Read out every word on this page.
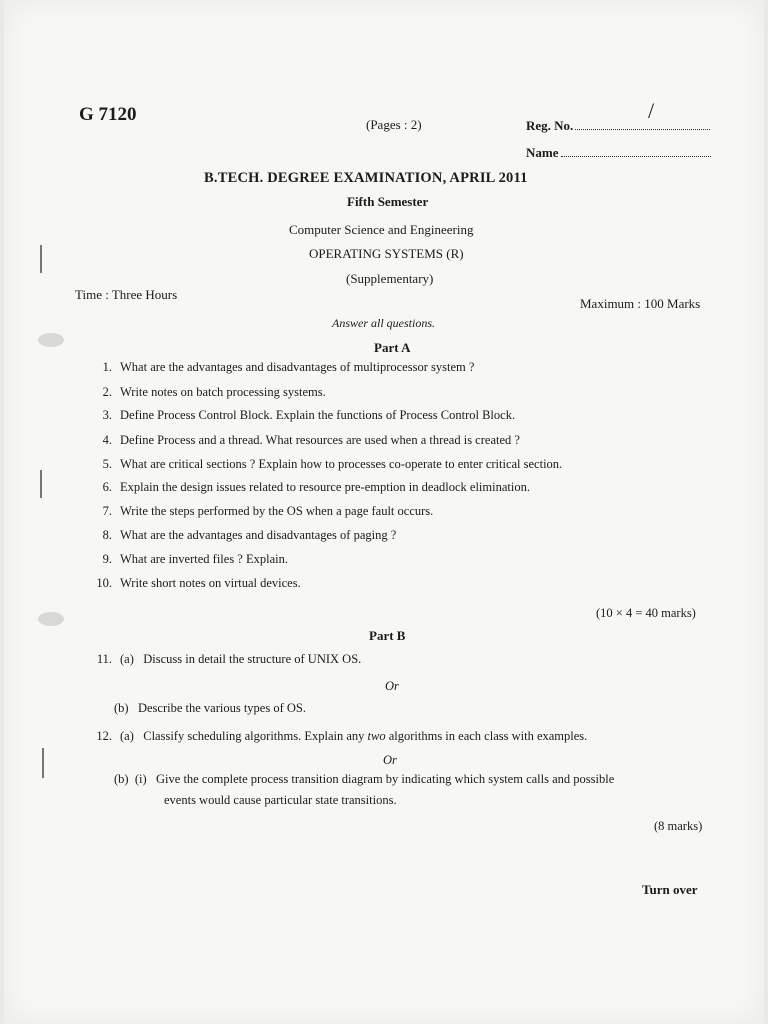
G 7120	(Pages : 2)	Reg. No.
Name
/
B.TECH. DEGREE EXAMINATION, APRIL 2011
Fifth Semester
Computer Science and Engineering
OPERATING SYSTEMS (R)
(Supplementary)
Time : Three Hours
Maximum : 100 Marks
Answer all questions.
Part A
1. What are the advantages and disadvantages of multiprocessor system ?
2. Write notes on batch processing systems.
3. Define Process Control Block. Explain the functions of Process Control Block.
4. Define Process and a thread. What resources are used when a thread is created ?
5. What are critical sections ? Explain how to processes co-operate to enter critical section.
6. Explain the design issues related to resource pre-emption in deadlock elimination.
7. Write the steps performed by the OS when a page fault occurs.
8. What are the advantages and disadvantages of paging ?
9. What are inverted files ? Explain.
10. Write short notes on virtual devices.
(10 × 4 = 40 marks)
Part B
11. (a) Discuss in detail the structure of UNIX OS.
Or
(b) Describe the various types of OS.
12. (a) Classify scheduling algorithms. Explain any two algorithms in each class with examples.
Or
(b) (i) Give the complete process transition diagram by indicating which system calls and possible
events would cause particular state transitions.
(8 marks)
Turn over
